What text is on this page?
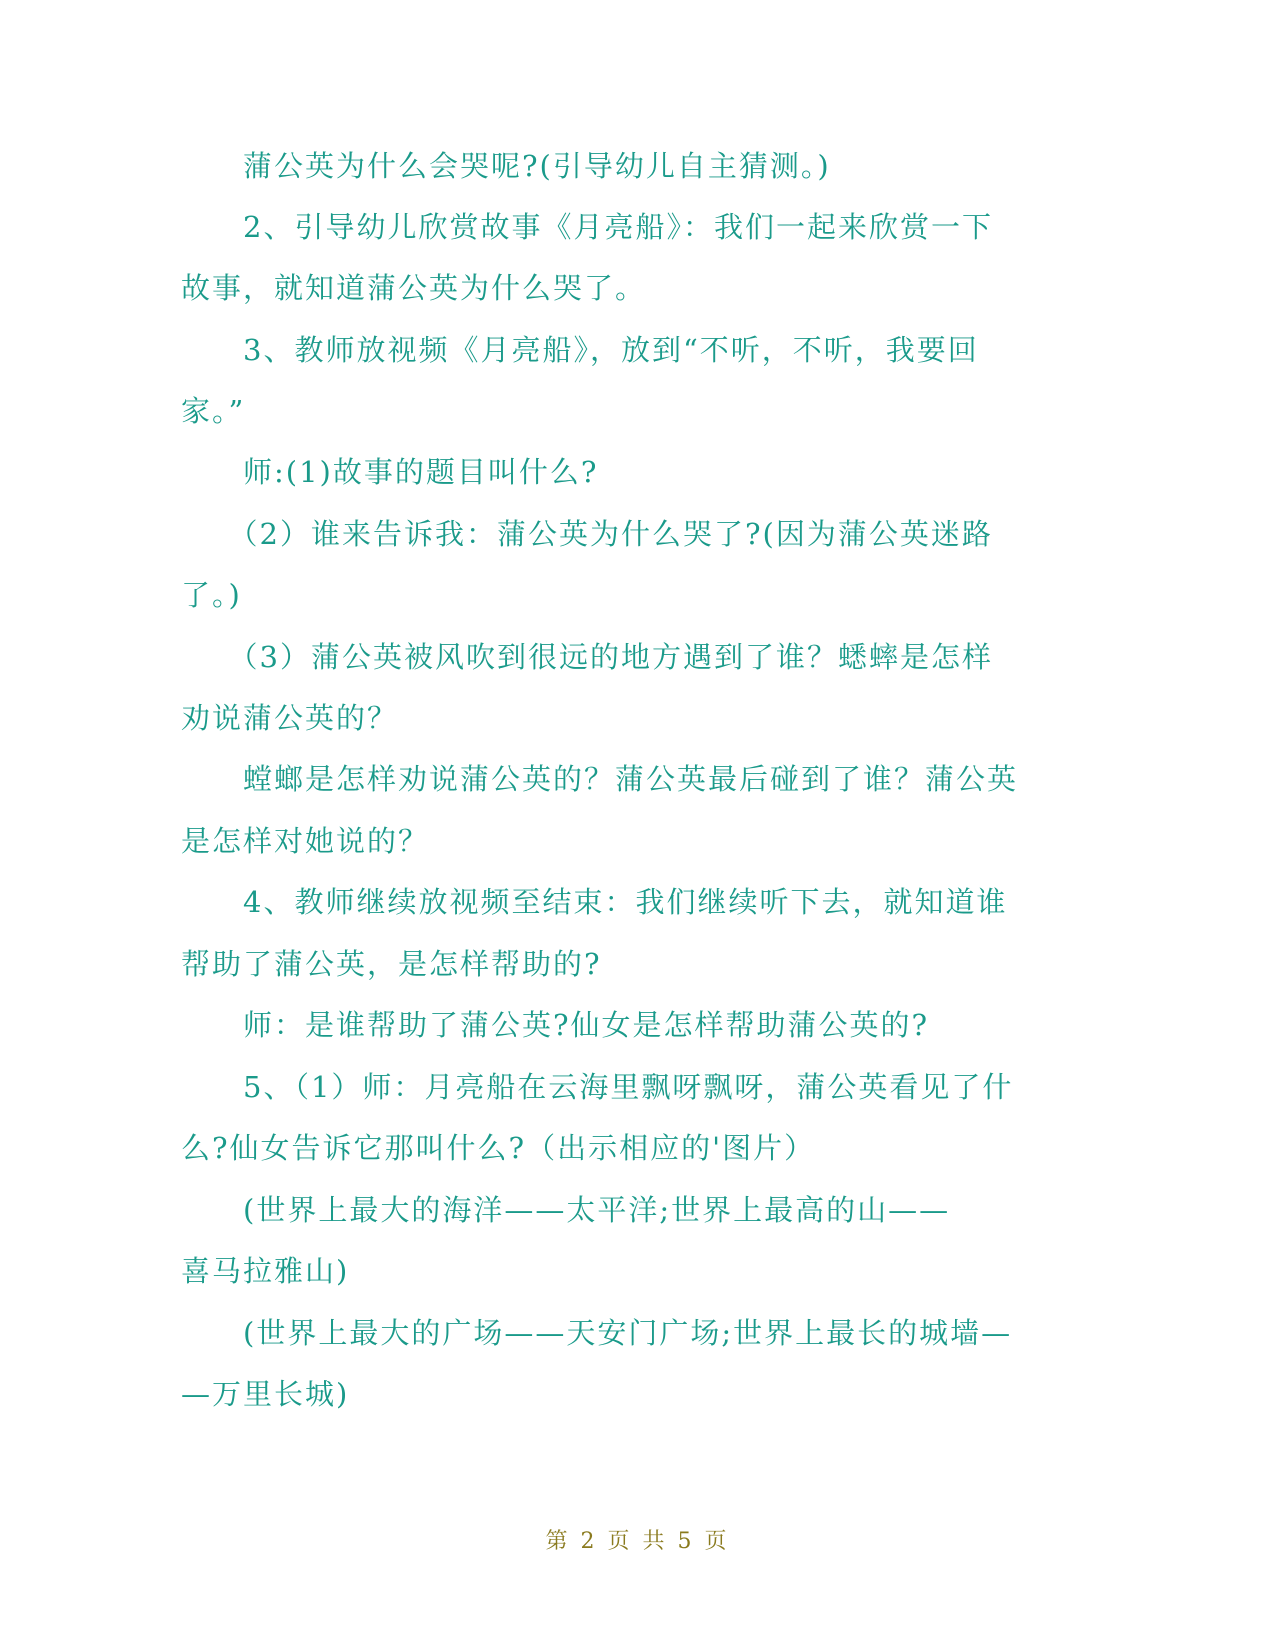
　　蒲公英为什么会哭呢?(引导幼儿自主猜测。)
　　2、引导幼儿欣赏故事《月亮船》：我们一起来欣赏一下
故事，就知道蒲公英为什么哭了。
　　3、教师放视频《月亮船》，放到“不听，不听，我要回
家。”
　　师:(1)故事的题目叫什么?
　　（2）谁来告诉我：蒲公英为什么哭了?(因为蒲公英迷路
了。)
　　（3）蒲公英被风吹到很远的地方遇到了谁？蟋蟀是怎样
劝说蒲公英的？
　　螳螂是怎样劝说蒲公英的？蒲公英最后碰到了谁？蒲公英
是怎样对她说的？
　　4、教师继续放视频至结束：我们继续听下去，就知道谁
帮助了蒲公英，是怎样帮助的?
　　师：是谁帮助了蒲公英?仙女是怎样帮助蒲公英的?
　　5、（1）师：月亮船在云海里飘呀飘呀，蒲公英看见了什
么?仙女告诉它那叫什么?（出示相应的'图片）
　　(世界上最大的海洋——太平洋;世界上最高的山——
喜马拉雅山)
　　(世界上最大的广场——天安门广场;世界上最长的城墙—
—万里长城)
第 2 页 共 5 页
